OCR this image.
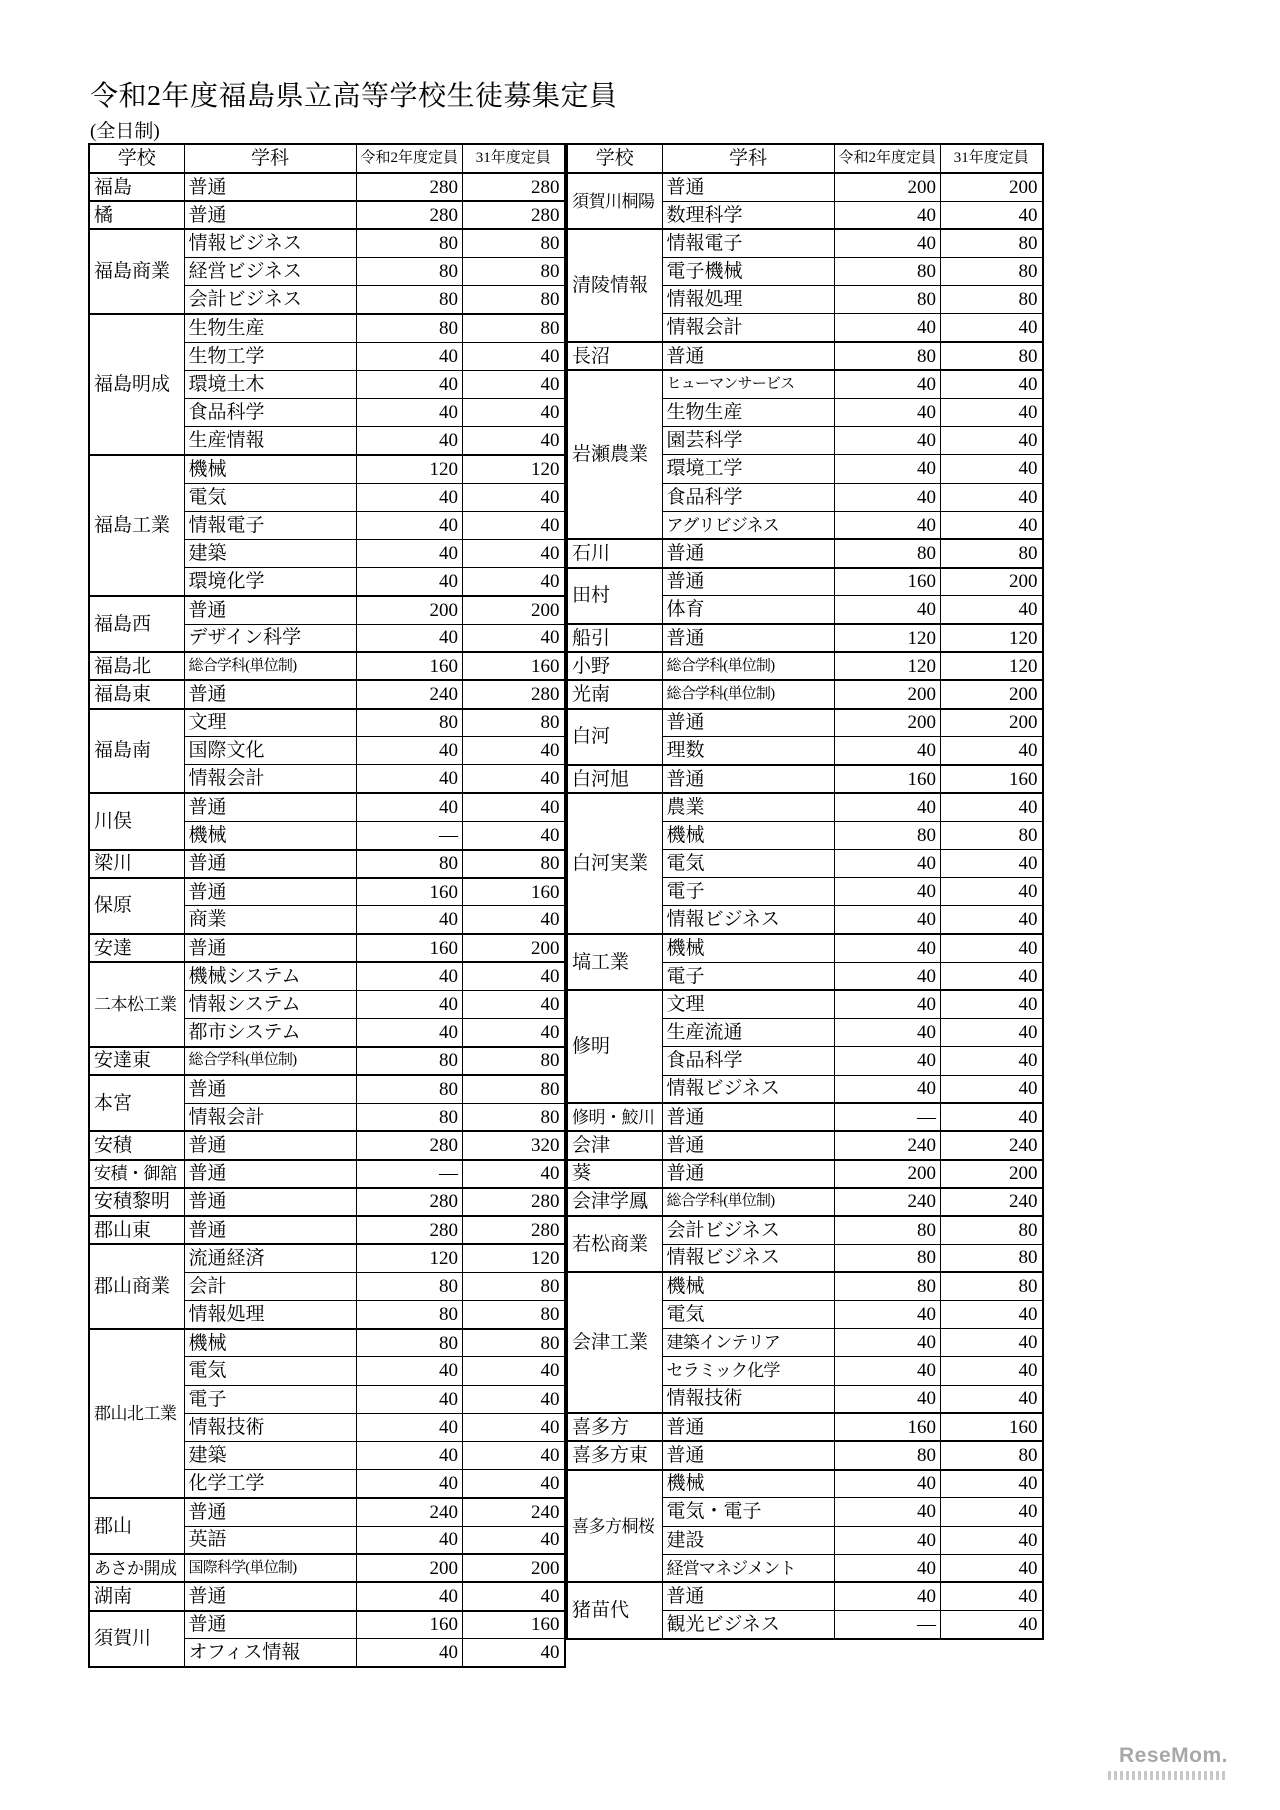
令和2年度福島県立高等学校生徒募集定員
(全日制)
学校	学科	令和2年度定員	31年度定員
福島	普通	280	280
橘	普通	280	280
福島商業	情報ビジネス	80	80
	経営ビジネス	80	80
	会計ビジネス	80	80
福島明成	生物生産	80	80
	生物工学	40	40
	環境土木	40	40
	食品科学	40	40
	生産情報	40	40
福島工業	機械	120	120
	電気	40	40
	情報電子	40	40
	建築	40	40
	環境化学	40	40
福島西	普通	200	200
	デザイン科学	40	40
福島北	総合学科(単位制)	160	160
福島東	普通	240	280
福島南	文理	80	80
	国際文化	40	40
	情報会計	40	40
川俣	普通	40	40
	機械	—	40
梁川	普通	80	80
保原	普通	160	160
	商業	40	40
安達	普通	160	200
二本松工業	機械システム	40	40
	情報システム	40	40
	都市システム	40	40
安達東	総合学科(単位制)	80	80
本宮	普通	80	80
	情報会計	80	80
安積	普通	280	320
安積・御舘	普通	—	40
安積黎明	普通	280	280
郡山東	普通	280	280
郡山商業	流通経済	120	120
	会計	80	80
	情報処理	80	80
郡山北工業	機械	80	80
	電気	40	40
	電子	40	40
	情報技術	40	40
	建築	40	40
	化学工学	40	40
郡山	普通	240	240
	英語	40	40
あさか開成	国際科学(単位制)	200	200
湖南	普通	40	40
須賀川	普通	160	160
	オフィス情報	40	40
学校	学科	令和2年度定員	31年度定員
須賀川桐陽	普通	200	200
	数理科学	40	40
清陵情報	情報電子	40	80
	電子機械	80	80
	情報処理	80	80
	情報会計	40	40
長沼	普通	80	80
岩瀬農業	ヒューマンサービス	40	40
	生物生産	40	40
	園芸科学	40	40
	環境工学	40	40
	食品科学	40	40
	アグリビジネス	40	40
石川	普通	80	80
田村	普通	160	200
	体育	40	40
船引	普通	120	120
小野	総合学科(単位制)	120	120
光南	総合学科(単位制)	200	200
白河	普通	200	200
	理数	40	40
白河旭	普通	160	160
白河実業	農業	40	40
	機械	80	80
	電気	40	40
	電子	40	40
	情報ビジネス	40	40
塙工業	機械	40	40
	電子	40	40
修明	文理	40	40
	生産流通	40	40
	食品科学	40	40
	情報ビジネス	40	40
修明・鮫川	普通	—	40
会津	普通	240	240
葵	普通	200	200
会津学鳳	総合学科(単位制)	240	240
若松商業	会計ビジネス	80	80
	情報ビジネス	80	80
会津工業	機械	80	80
	電気	40	40
	建築インテリア	40	40
	セラミック化学	40	40
	情報技術	40	40
喜多方	普通	160	160
喜多方東	普通	80	80
喜多方桐桜	機械	40	40
	電気・電子	40	40
	建設	40	40
	経営マネジメント	40	40
猪苗代	普通	40	40
	観光ビジネス	—	40
ReseMom.
